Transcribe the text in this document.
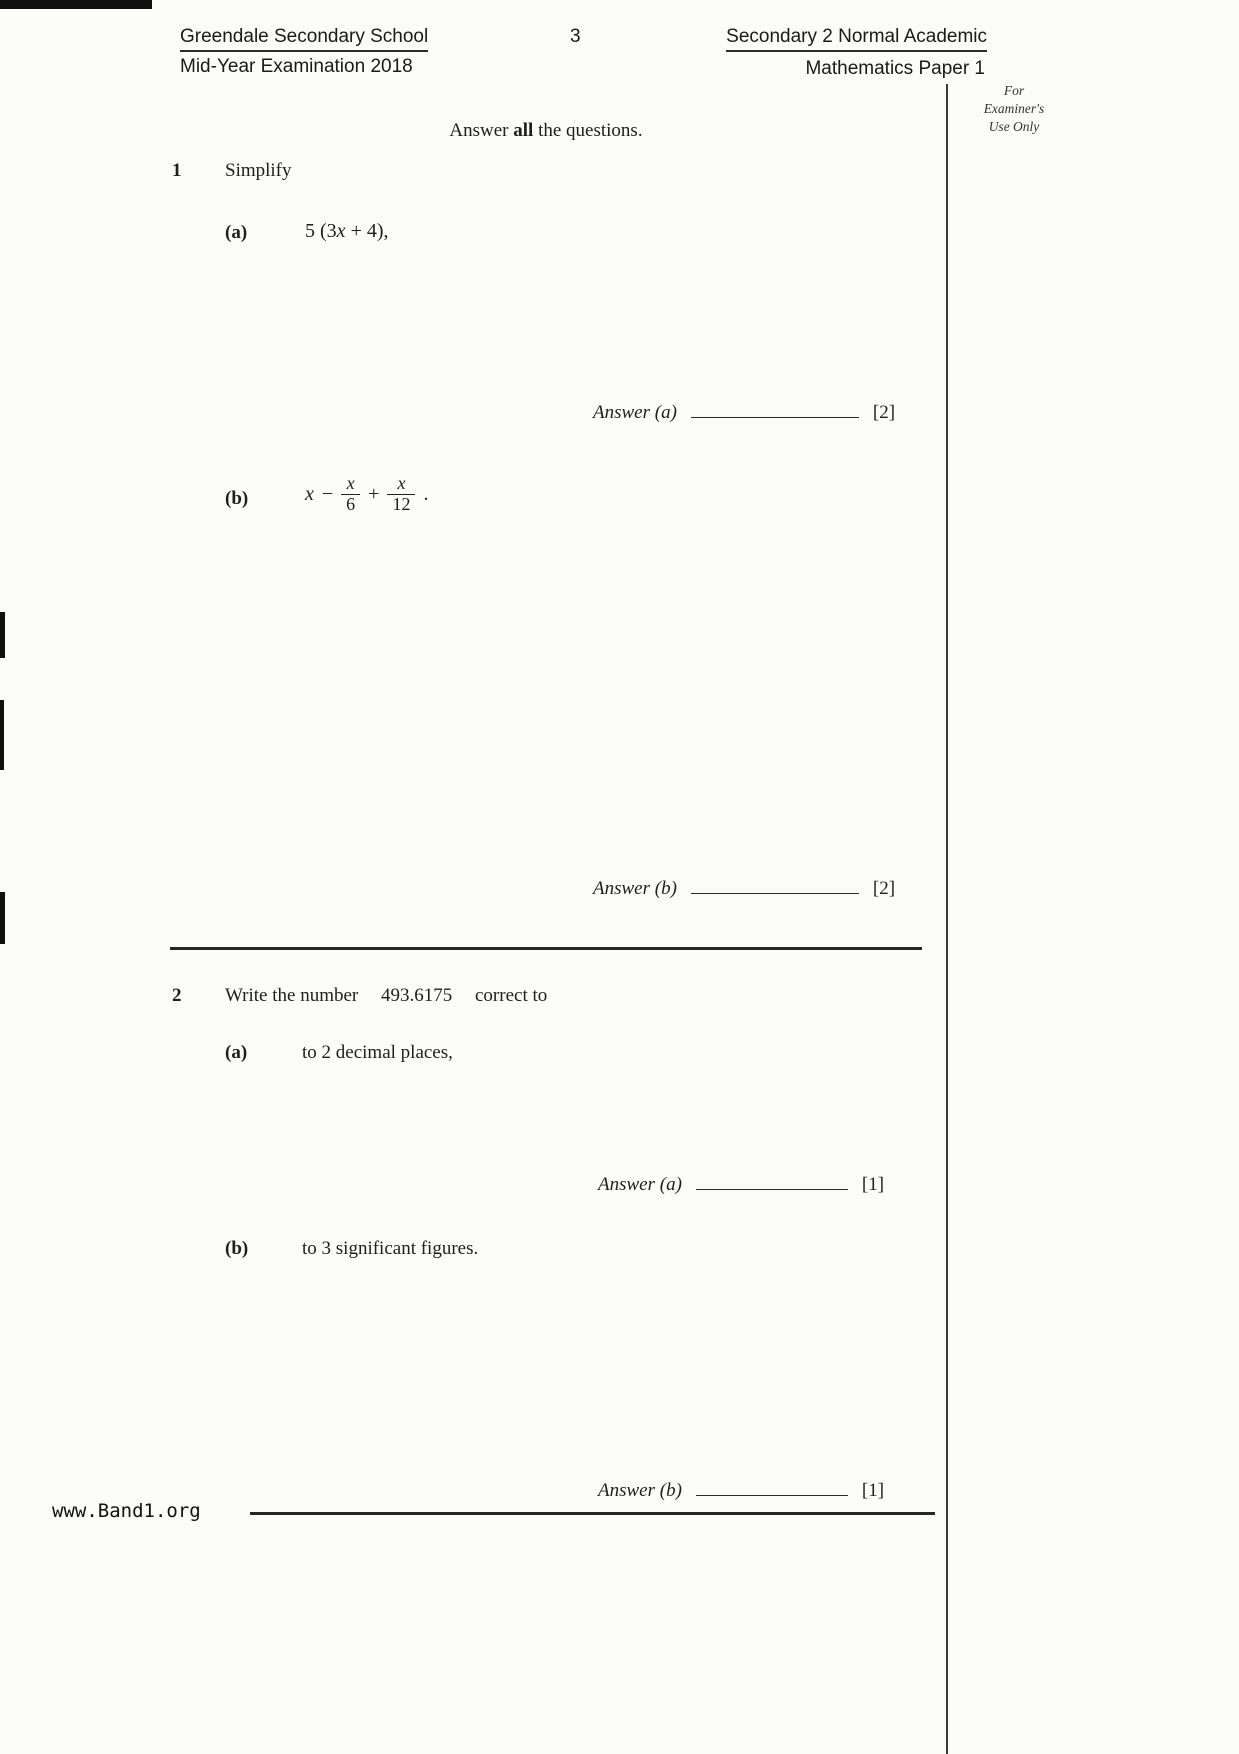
Greendale Secondary School	3	Secondary 2 Normal Academic
Mid-Year Examination 2018	Mathematics Paper 1
For
Examiner's
Use Only
Answer all the questions.
1 Simplify
(a)	5 (3x + 4),
Answer (a)	[2]
(b)	$x - \frac{x}{6} + \frac{x}{12}$ .
Answer (b)	[2]
2 Write the number 493.6175 correct to
(a)	to 2 decimal places,
Answer (a)	[1]
(b)	to 3 significant figures.
Answer (b)	[1]
www.Band1.org
